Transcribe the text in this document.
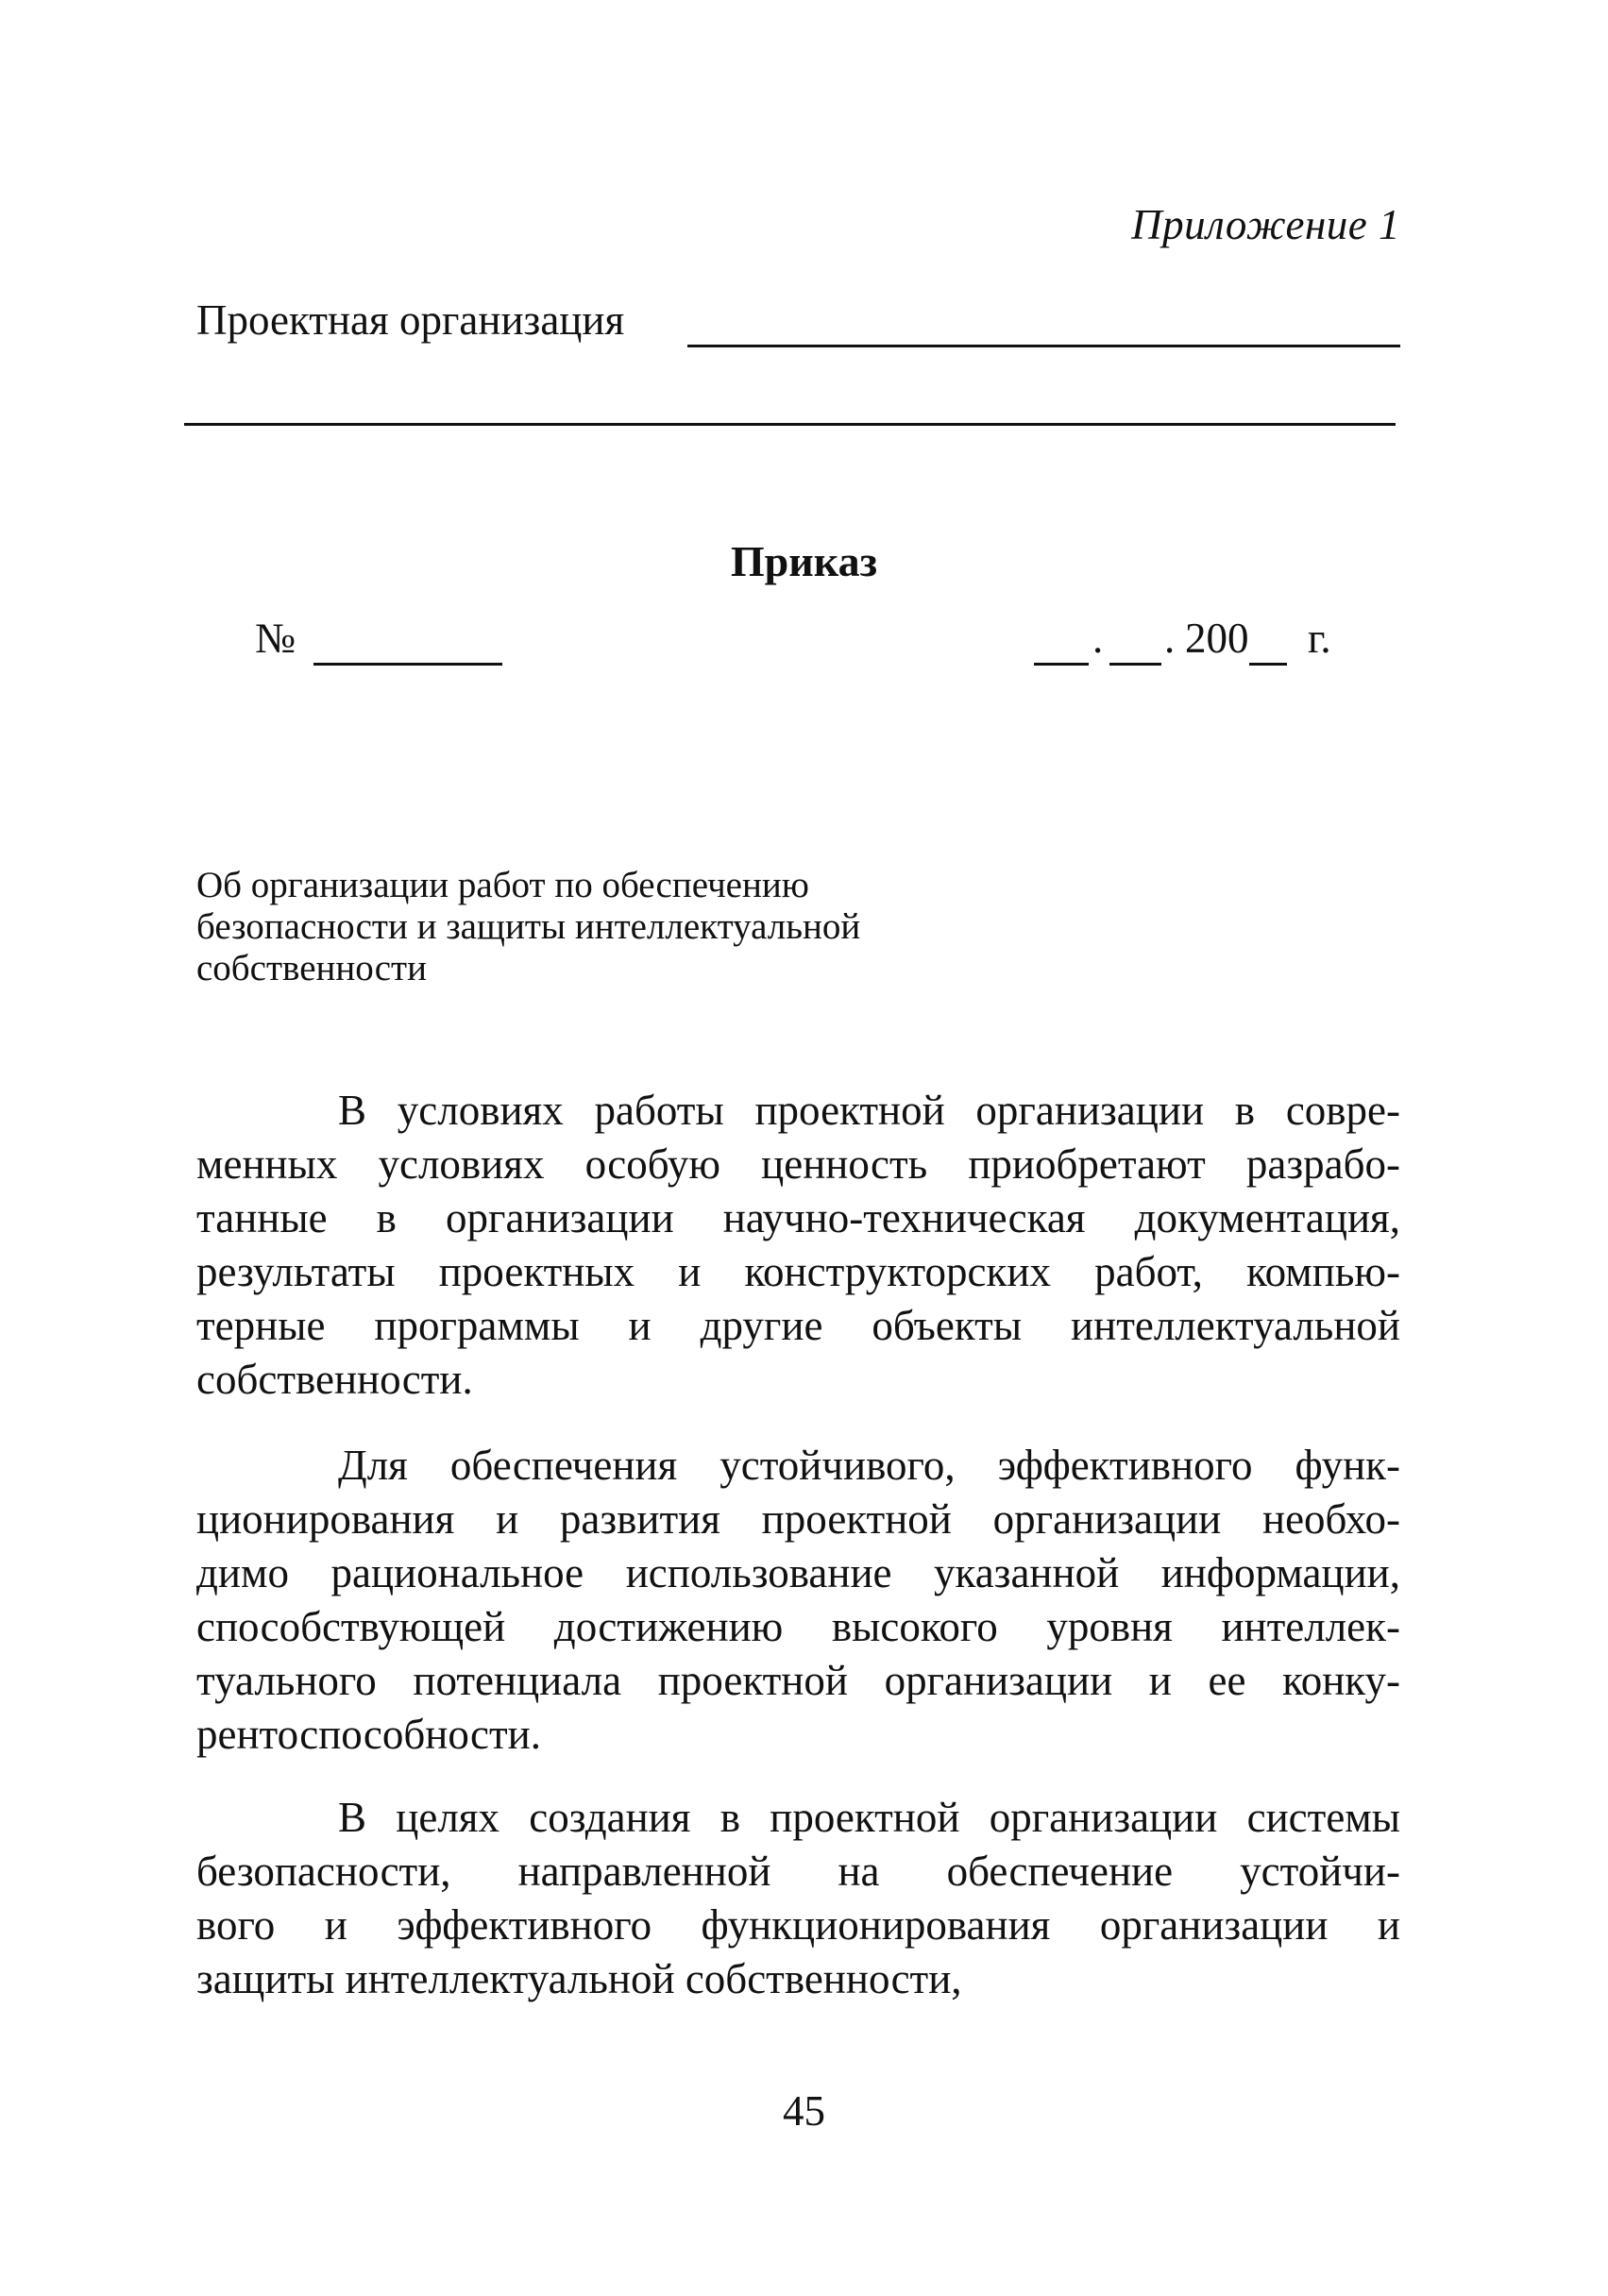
Приложение 1
Проектная организация
Приказ
№	. . 200 г.
Об организации работ по обеспечению
безопасности и защиты интеллектуальной
собственности
В условиях работы проектной организации в совре-
менных условиях особую ценность приобретают разрабо-
танные в организации научно-техническая документация,
результаты проектных и конструкторских работ, компью-
терные программы и другие объекты интеллектуальной
собственности.
Для обеспечения устойчивого, эффективного функ-
ционирования и развития проектной организации необхо-
димо рациональное использование указанной информации,
способствующей достижению высокого уровня интеллек-
туального потенциала проектной организации и ее конку-
рентоспособности.
В целях создания в проектной организации системы
безопасности, направленной на обеспечение устойчи-
вого и эффективного функционирования организации и
защиты интеллектуальной собственности,
45
